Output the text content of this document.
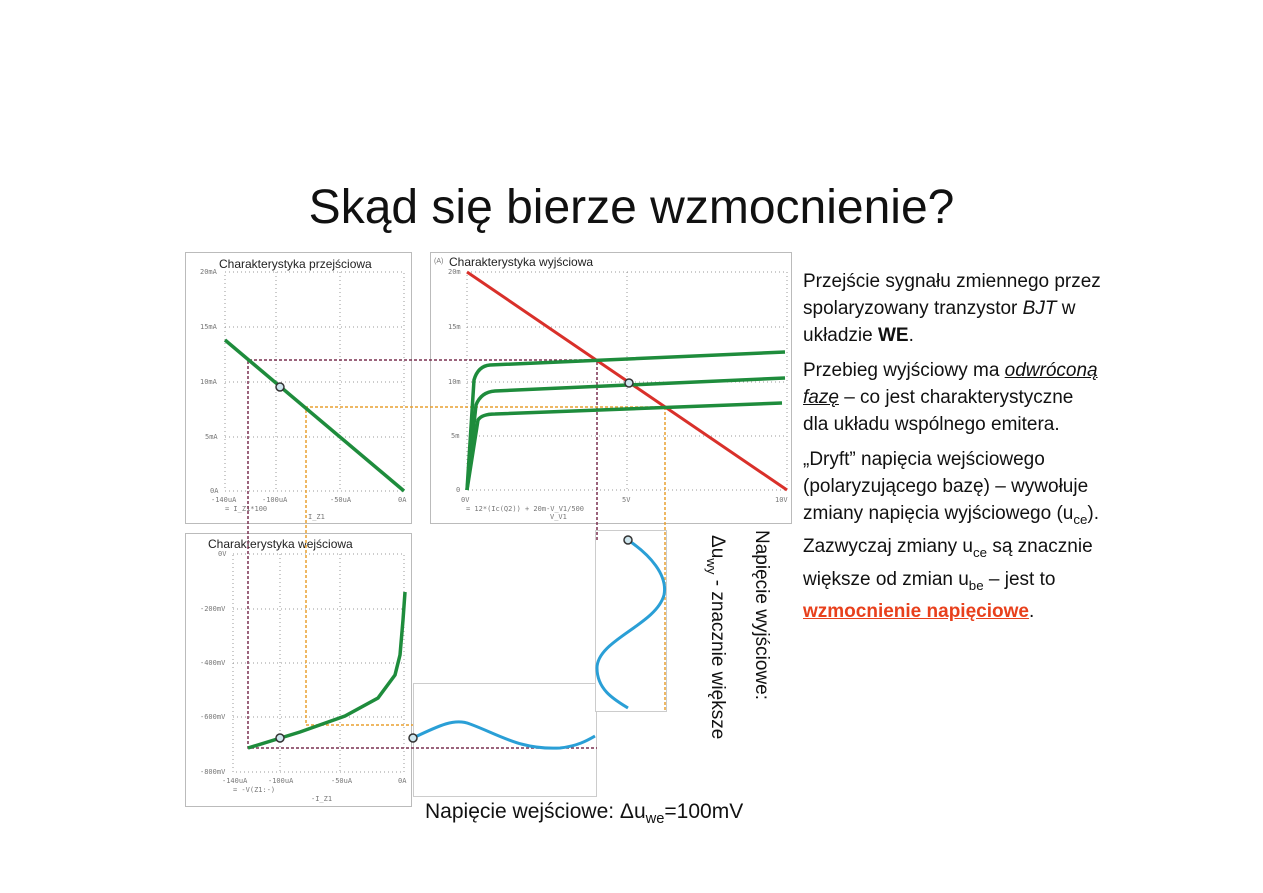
Skąd się bierze wzmocnienie?
Charakterystyka przejściowa
20mA
15mA
10mA
5mA
0A
-140uA	-100uA	-50uA	0A
= I_Z1*100
I_Z1
(A) Charakterystyka wyjściowa
20m
15m
10m
5m
0
0V	5V	10V
= 12*(Ic(Q2)) + 20m-V_V1/500
V_V1
Charakterystyka wejściowa
0V
-200mV
-400mV
-600mV
-800mV
-140uA	-100uA	-50uA	0A
= -V(Z1:-)
-I_Z1
Napięcie wyjściowe:
$\Delta u_{wy}$ - znacznie większe

Przejście sygnału zmiennego przez spolaryzowany tranzystor BJT w układzie WE.

Przebieg wyjściowy ma odwróconą fazę – co jest charakterystyczne dla układu wspólnego emitera.

„Dryft” napięcia wejściowego (polaryzującego bazę) – wywołuje zmiany napięcia wyjściowego $(u_{ce})$. Zazwyczaj zmiany $u_{ce}$ są znacznie większe od zmian $u_{be}$ – jest to wzmocnienie napięciowe.

Napięcie wejściowe: $\Delta u_{we}=100mV$
